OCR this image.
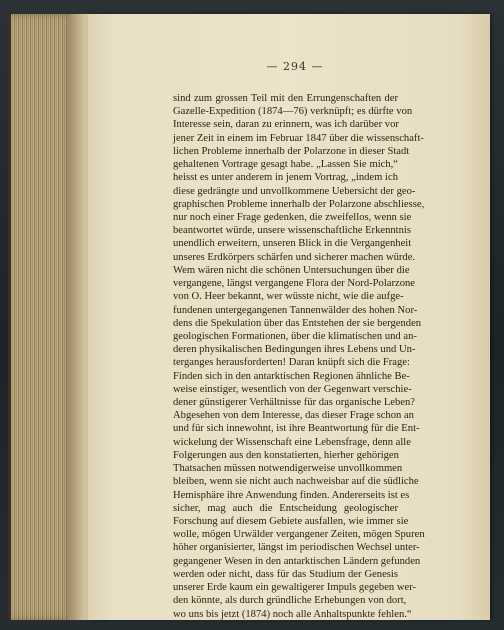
— 294 —
sind zum grossen Teil mit den Errungenschaften der
Gazelle-Expedition (1874—76) verknüpft; es dürfte von
Interesse sein, daran zu erinnern, was ich darüber vor
jener Zeit in einem im Februar 1847 über die wissenschaft-
lichen Probleme innerhalb der Polarzone in dieser Stadt
gehaltenen Vortrage gesagt habe. „Lassen Sie mich,“
heisst es unter anderem in jenem Vortrag, „indem ich
diese gedrängte und unvollkommene Uebersicht der geo-
graphischen Probleme innerhalb der Polarzone abschliesse,
nur noch einer Frage gedenken, die zweifellos, wenn sie
beantwortet würde, unsere wissenschaftliche Erkenntnis
unendlich erweitern, unseren Blick in die Vergangenheit
unseres Erdkörpers schärfen und sicherer machen würde.
Wem wären nicht die schönen Untersuchungen über die
vergangene, längst vergangene Flora der Nord-Polarzone
von O. Heer bekannt, wer wüsste nicht, wie die aufge-
fundenen untergegangenen Tannenwälder des hohen Nor-
dens die Spekulation über das Entstehen der sie bergenden
geologischen Formationen, über die klimatischen und an-
deren physikalischen Bedingungen ihres Lebens und Un-
terganges herausforderten! Daran knüpft sich die Frage:
Finden sich in den antarktischen Regionen ähnliche Be-
weise einstiger, wesentlich von der Gegenwart verschie-
dener günstigerer Verhältnisse für das organische Leben?
Abgesehen von dem Interesse, das dieser Frage schon an
und für sich innewohnt, ist ihre Beantwortung für die Ent-
wickelung der Wissenschaft eine Lebensfrage, denn alle
Folgerungen aus den konstatierten, hierher gehörigen
Thatsachen müssen notwendigerweise unvollkommen
bleiben, wenn sie nicht auch nachweisbar auf die südliche
Hemisphäre ihre Anwendung finden. Andererseits ist es
sicher, mag auch die Entscheidung geologischer
Forschung auf diesem Gebiete ausfallen, wie immer sie
wolle, mögen Urwälder vergangener Zeiten, mögen Spuren
höher organisierter, längst im periodischen Wechsel unter-
gegangener Wesen in den antarktischen Ländern gefunden
werden oder nicht, dass für das Studium der Genesis
unserer Erde kaum ein gewaltigerer Impuls gegeben wer-
den könnte, als durch gründliche Erhebungen von dort,
wo uns bis jetzt (1874) noch alle Anhaltspunkte fehlen.“
